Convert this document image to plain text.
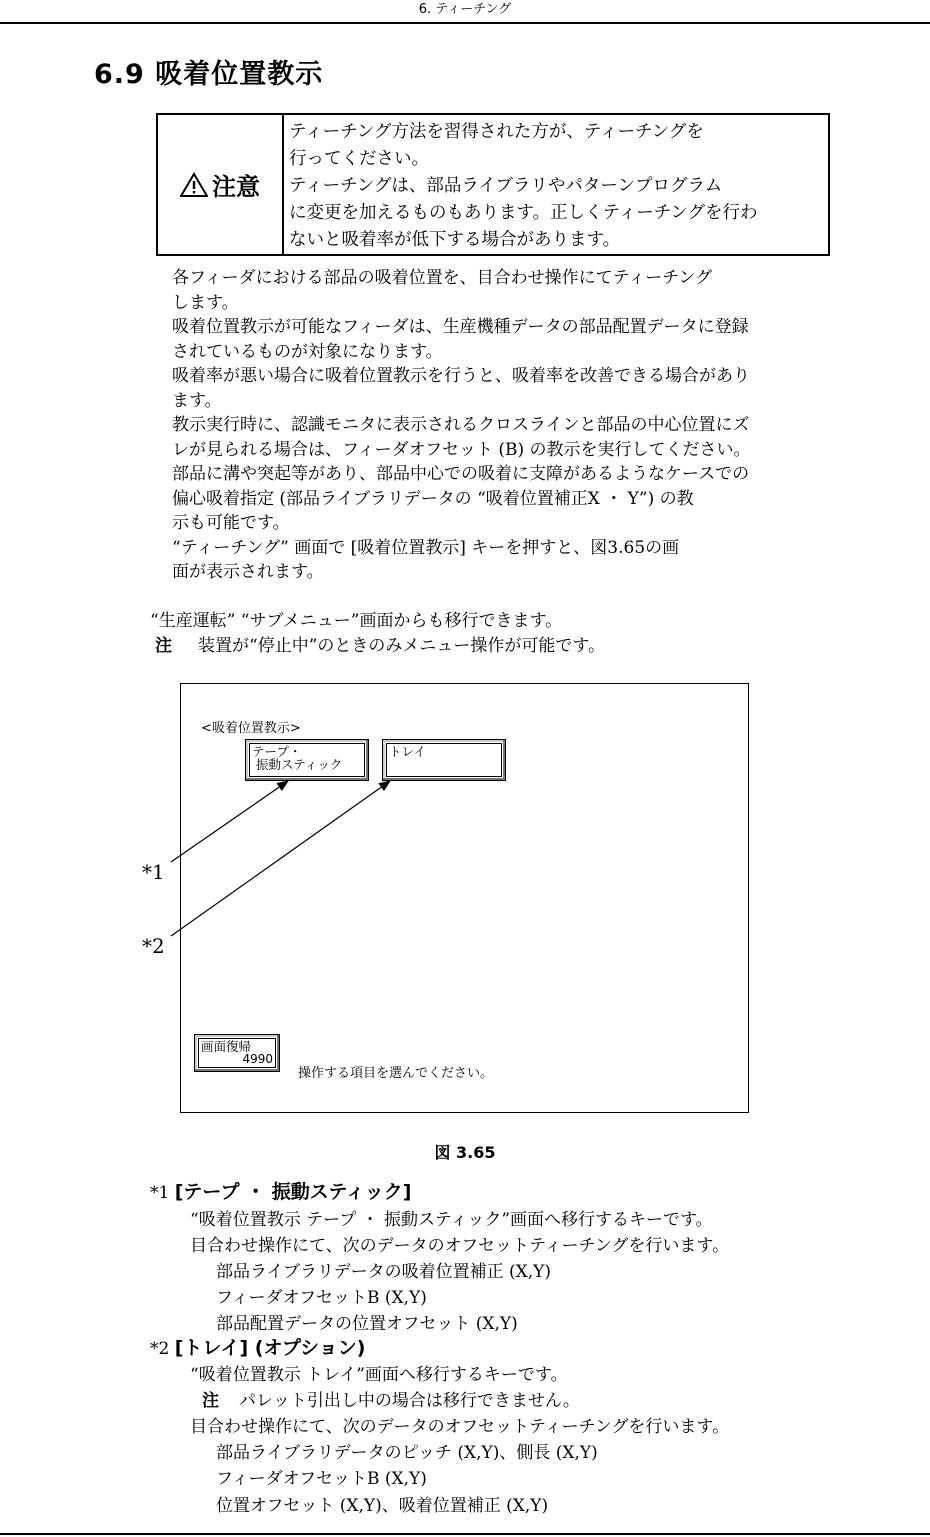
6. ティーチング
6.9 吸着位置教示
注意
ティーチング方法を習得された方が、ティーチングを
行ってください。
ティーチングは、部品ライブラリやパターンプログラム
に変更を加えるものもあります。正しくティーチングを行わ
ないと吸着率が低下する場合があります。

各フィーダにおける部品の吸着位置を、目合わせ操作にてティーチング

します。

吸着位置教示が可能なフィーダは、生産機種データの部品配置データに登録

されているものが対象になります。

吸着率が悪い場合に吸着位置教示を行うと、吸着率を改善できる場合があり

ます。

教示実行時に、認識モニタに表示されるクロスラインと部品の中心位置にズ

レが見られる場合は、フィーダオフセット (B) の教示を実行してください。

部品に溝や突起等があり、部品中心での吸着に支障があるようなケースでの

偏心吸着指定 (部品ライブラリデータの “吸着位置補正X ・ Y”) の教

示も可能です。

“ティーチング” 画面で [吸着位置教示] キーを押すと、図3.65の画

面が表示されます。

“生産運転” “サブメニュー”画面からも移行できます。
注 装置が“停止中”のときのみメニュー操作が可能です。
<吸着位置教示>
テープ・
振動スティック
トレイ
画面復帰
4990
操作する項目を選んでください。
*1
*2
図 3.65
*1 [テープ ・ 振動スティック]
“吸着位置教示 テープ ・ 振動スティック”画面へ移行するキーです。
目合わせ操作にて、次のデータのオフセットティーチングを行います。
部品ライブラリデータの吸着位置補正 (X,Y)
フィーダオフセットB (X,Y)
部品配置データの位置オフセット (X,Y)
*2 [トレイ] (オプション)
“吸着位置教示 トレイ”画面へ移行するキーです。
注 パレット引出し中の場合は移行できません。
目合わせ操作にて、次のデータのオフセットティーチングを行います。
部品ライブラリデータのピッチ (X,Y)、側長 (X,Y)
フィーダオフセットB (X,Y)
位置オフセット (X,Y)、吸着位置補正 (X,Y)
